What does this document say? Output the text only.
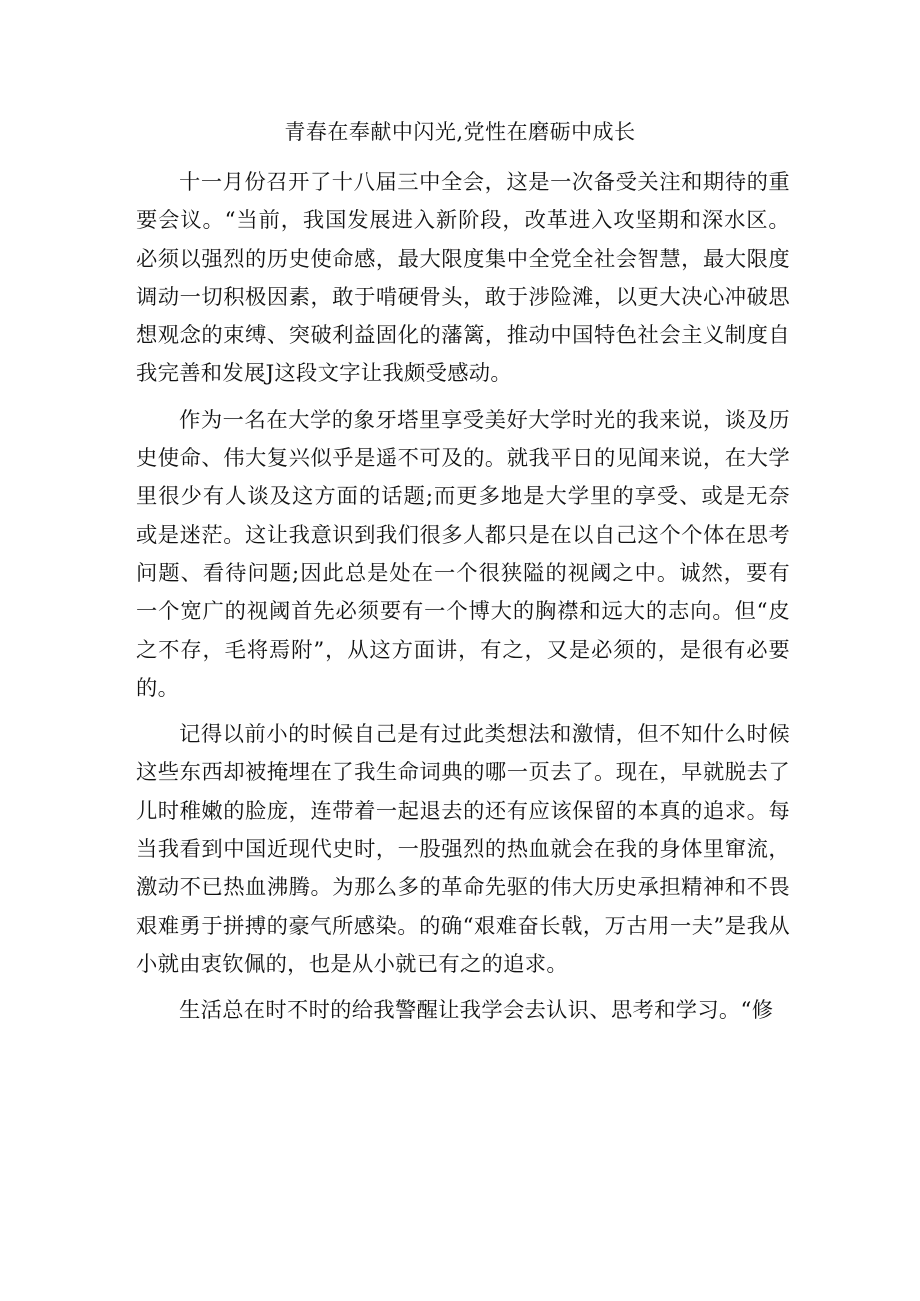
青春在奉献中闪光,党性在磨砺中成长

十一月份召开了十八届三中全会，这是一次备受关注和期待的重要会议。“当前，我国发展进入新阶段，改革进入攻坚期和深水区。必须以强烈的历史使命感，最大限度集中全党全社会智慧，最大限度调动一切积极因素，敢于啃硬骨头，敢于涉险滩，以更大决心冲破思想观念的束缚、突破利益固化的藩篱，推动中国特色社会主义制度自我完善和发展J这段文字让我颇受感动。

作为一名在大学的象牙塔里享受美好大学时光的我来说，谈及历史使命、伟大复兴似乎是遥不可及的。就我平日的见闻来说，在大学里很少有人谈及这方面的话题;而更多地是大学里的享受、或是无奈或是迷茫。这让我意识到我们很多人都只是在以自己这个个体在思考问题、看待问题;因此总是处在一个很狭隘的视阈之中。诚然，要有一个宽广的视阈首先必须要有一个博大的胸襟和远大的志向。但“皮之不存，毛将焉附”，从这方面讲，有之，又是必须的，是很有必要的。

记得以前小的时候自己是有过此类想法和激情，但不知什么时候这些东西却被掩埋在了我生命词典的哪一页去了。现在，早就脱去了儿时稚嫩的脸庞，连带着一起退去的还有应该保留的本真的追求。每当我看到中国近现代史时，一股强烈的热血就会在我的身体里窜流，激动不已热血沸腾。为那么多的革命先驱的伟大历史承担精神和不畏艰难勇于拼搏的豪气所感染。的确“艰难奋长戟，万古用一夫”是我从小就由衷钦佩的，也是从小就已有之的追求。

生活总在时不时的给我警醒让我学会去认识、思考和学习。“修
